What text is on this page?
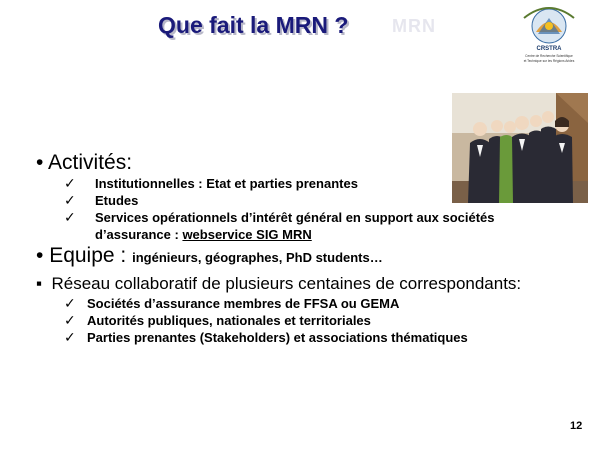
Que fait la MRN ? MRN
CRSTRA
Centre de Recherche Scientifique
et Technique sur les Régions Arides
• Activités:
✓ Institutionnelles : Etat et parties prenantes
✓ Etudes
✓ Services opérationnels d’intérêt général en support aux sociétés d’assurance : webservice SIG MRN
• Equipe : ingénieurs, géographes, PhD students…
▪  Réseau collaboratif de plusieurs centaines de correspondants:
✓ Sociétés d’assurance membres de FFSA ou GEMA
✓ Autorités publiques, nationales et territoriales
✓ Parties prenantes (Stakeholders) et associations thématiques
12
